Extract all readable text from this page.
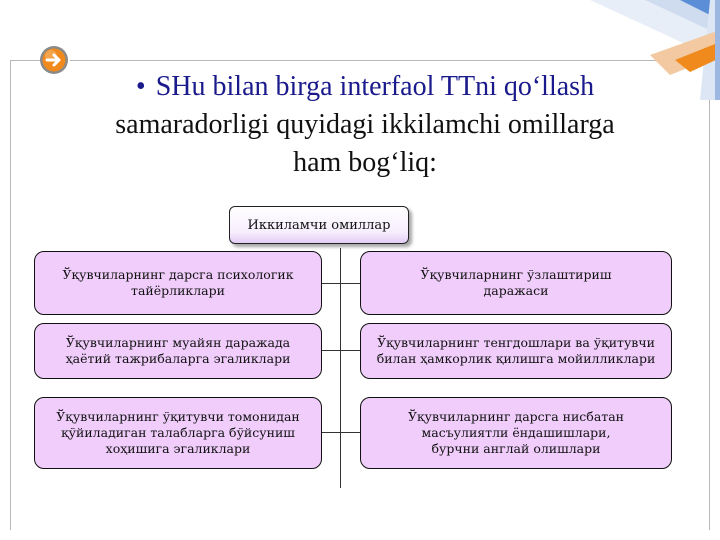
• SHu bilan birga interfaol TTni qo‘llash
samaradorligi quyidagi ikkilamchi omillarga
ham bog‘liq:
Иккиламчи омиллар
Ўқувчиларнинг дарсга психологик
тайёрликлари
Ўқувчиларнинг муайян даражада
ҳаётий тажрибаларга эгаликлари
Ўқувчиларнинг ўқитувчи томонидан
қўйиладиган талабларга бўйсуниш
хоҳишига эгаликлари
Ўқувчиларнинг ўзлаштириш
даражаси
Ўқувчиларнинг тенгдошлари ва ўқитувчи
билан ҳамкорлик қилишга мойилликлари
Ўқувчиларнинг дарсга нисбатан
масъулиятли ёндашишлари,
бурчни англай олишлари
